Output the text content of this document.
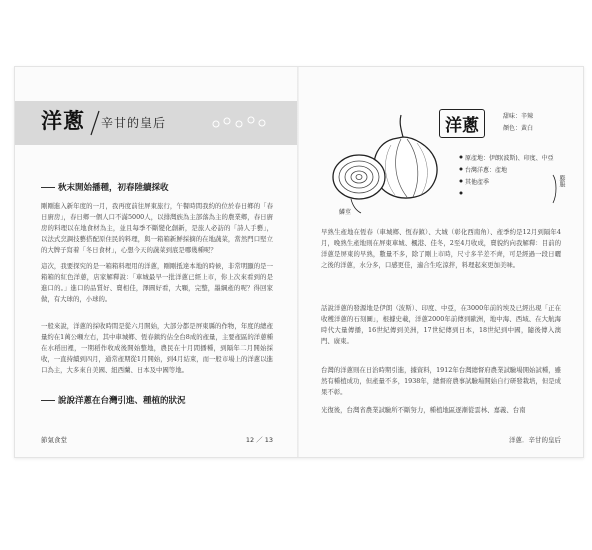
洋蔥 辛甘的皇后
秋末開始播種，初春陸續採收
剛剛進入新年度的一月，我再度前往屏東旅行，午餐時間我約的位於春日鄉的「春日廚房」，春日鄉一個人口不滿5000人，以排灣族為主部落為主的農業鄉，春日廚房的料理以在地食材為主，並且每季不斷變化創新，是旅人必訪的「詩人手藝」，以法式烹調技藝搭配原住民的料理，與一箱箱新鮮採摘的在地蔬菜，當然門口堅立的大牌子寫着「冬日食材」，心想今天的蔬菜到底是哪幾種呢？
這次，我要探究的是一箱箱料理用的洋蔥，剛剛抵達本地的時候，非常明顯的是一箱箱的紅色洋蔥，店家解釋說：「車城最早一批洋蔥已經上市，你上次來看到的是進口的。」進口的品質好、賣相佳，澤圓好看，大顆，完整，墨綱產的呢？得回家做，有大球的，小球的。
一般來說，洋蔥的採收時間是從六月開始，大部分都是屏東縣的作物，年度的總產量約在1萬公噸左右，其中車城鄉、恆春鎮約佔全台8成的產量，主要產區的洋蔥種在水稻田裡，一期稻作收成後開始整地，農民在十月間播種，到隔年二月開始採收，一直持續到四月，通常產期從1月開始，到4月結束，而一般市場上的洋蔥以進口為主，大多來自美國、紐西蘭、日本及中國等地。
說說洋蔥在台灣引進、種植的狀況
節氣食堂	12 ／ 13
洋蔥	甜味：辛辣
顏色：黃白
原產地：伊朗(波斯)、印度、中亞
台灣洋蔥：產地
其他產季	膨脹
鱗莖
早熟生產地在恆春（車城鄉、恆春鎮）、大城（彰化西南角）、產季約是12月到隔年4月，晚熟生產地則在屏東車城、楓港、佳冬，2至4月收成，賣貌約向我解釋：目前的洋蔥是屏東的早熟，數量不多，除了剛上市時，尺寸多半差不齊，可是經過一段日曬之後的洋蔥，水分多，口感更佳，適合生吃涼拌，料理起來更加美味。
話說洋蔥的發源地是伊朗（波斯）、印度、中亞，在3000年前的埃及已經出現「正在收穫洋蔥的石刻圖」，根據史載，洋蔥2000年前傳到歐洲，地中海、西域、在大航海時代大量傳播，16世紀傳到美洲，17世紀傳到日本，18世紀到中國，隨後傳入澳門、廣東。
台灣的洋蔥則在日治時期引進，據資料，1912年台灣總督府農業試驗場開始試種，雖然有種植成功，但產量不多，1938年，總督府農事試驗場開始自行研發栽培，但是成果不彰。
光復後，台灣省農業試驗所不斷努力，種植地區逐漸從雲林、嘉義、台南
洋蔥．辛甘的皇后
